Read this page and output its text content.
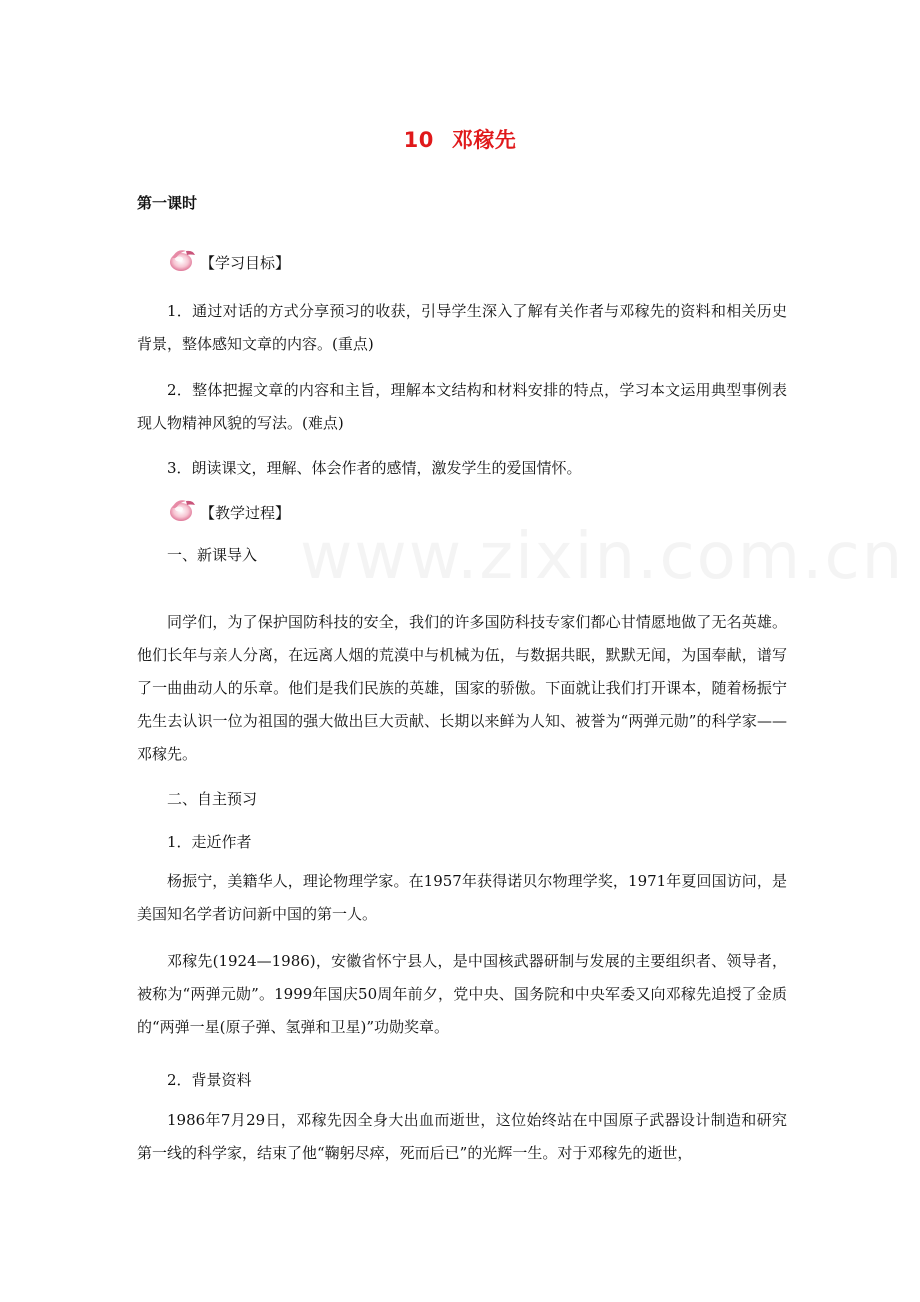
www.zixin.com.cn
10 邓稼先
第一课时
【学习目标】
1．通过对话的方式分享预习的收获，引导学生深入了解有关作者与邓稼先的资料和相关历史背景，整体感知文章的内容。(重点)
2．整体把握文章的内容和主旨，理解本文结构和材料安排的特点，学习本文运用典型事例表现人物精神风貌的写法。(难点)
3．朗读课文，理解、体会作者的感情，激发学生的爱国情怀。
【教学过程】
一、新课导入
同学们，为了保护国防科技的安全，我们的许多国防科技专家们都心甘情愿地做了无名英雄。他们长年与亲人分离，在远离人烟的荒漠中与机械为伍，与数据共眠，默默无闻，为国奉献，谱写了一曲曲动人的乐章。他们是我们民族的英雄，国家的骄傲。下面就让我们打开课本，随着杨振宁先生去认识一位为祖国的强大做出巨大贡献、长期以来鲜为人知、被誉为“两弹元勋”的科学家——邓稼先。
二、自主预习
1．走近作者
杨振宁，美籍华人，理论物理学家。在1957年获得诺贝尔物理学奖，1971年夏回国访问，是美国知名学者访问新中国的第一人。
邓稼先(1924—1986)，安徽省怀宁县人，是中国核武器研制与发展的主要组织者、领导者，被称为“两弹元勋”。1999年国庆50周年前夕，党中央、国务院和中央军委又向邓稼先追授了金质的“两弹一星(原子弹、氢弹和卫星)”功勋奖章。
2．背景资料
1986年7月29日，邓稼先因全身大出血而逝世，这位始终站在中国原子武器设计制造和研究第一线的科学家，结束了他“鞠躬尽瘁，死而后已”的光辉一生。对于邓稼先的逝世，
